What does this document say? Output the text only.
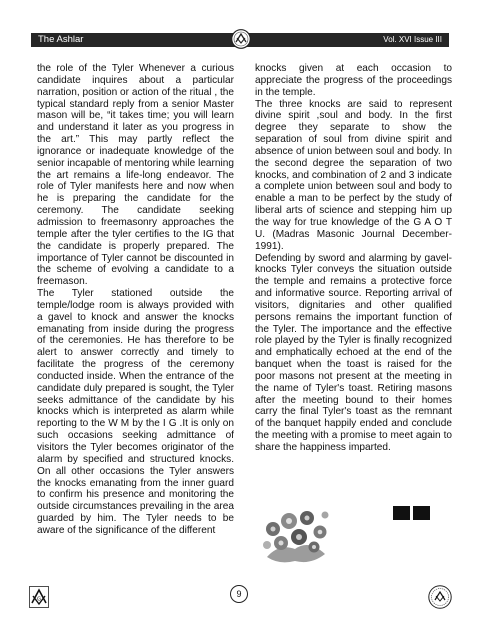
The Ashlar	Vol. XVI Issue III

the role of the Tyler Whenever a curious candidate inquires about a particular narration, position or action of the ritual , the typical standard reply from a senior Master mason will be, “it takes time; you will learn and understand it later as you progress in the art.” This may partly reflect the ignorance or inadequate knowledge of the senior incapable of mentoring while learning the art remains a life-long endeavor. The role of Tyler manifests here and now when he is preparing the candidate for the ceremony. The candidate seeking admission to freemasonry approaches the temple after the tyler certifies to the IG that the candidate is properly prepared. The importance of Tyler cannot be discounted in the scheme of evolving a candidate to a freemason.

The Tyler stationed outside the temple/lodge room is always provided with a gavel to knock and answer the knocks emanating from inside during the progress of the ceremonies. He has therefore to be alert to answer correctly and timely to facilitate the progress of the ceremony conducted inside. When the entrance of the candidate duly prepared is sought, the Tyler seeks admittance of the candidate by his knocks which is interpreted as alarm while reporting to the W M by the I G .It is only on such occasions seeking admittance of visitors the Tyler becomes originator of the alarm by specified and structured knocks. On all other occasions the Tyler answers the knocks emanating from the inner guard to confirm his presence and monitoring the outside circumstances prevailing in the area guarded by him. The Tyler needs to be aware of the significance of the different

knocks given at each occasion to appreciate the progress of the proceedings in the temple.

The three knocks are said to represent divine spirit ,soul and body. In the first degree they separate to show the separation of soul from divine spirit and absence of union between soul and body. In the second degree the separation of two knocks, and combination of 2 and 3 indicate a complete union between soul and body to enable a man to be perfect by the study of liberal arts of science and stepping him up the way for true knowledge of the G A O T U. (Madras Masonic Journal December-1991).

Defending by sword and alarming by gavel-knocks Tyler conveys the situation outside the temple and remains a protective force and informative source. Reporting arrival of visitors, dignitaries and other qualified persons remains the important function of the Tyler. The importance and the effective role played by the Tyler is finally recognized and emphatically echoed at the end of the banquet when the toast is raised for the poor masons not present at the meeting in the name of Tyler's toast. Retiring masons after the meeting bound to their homes carry the final Tyler's toast as the remnant of the banquet happily ended and conclude the meeting with a promise to meet again to share the happiness imparted.

G
9
